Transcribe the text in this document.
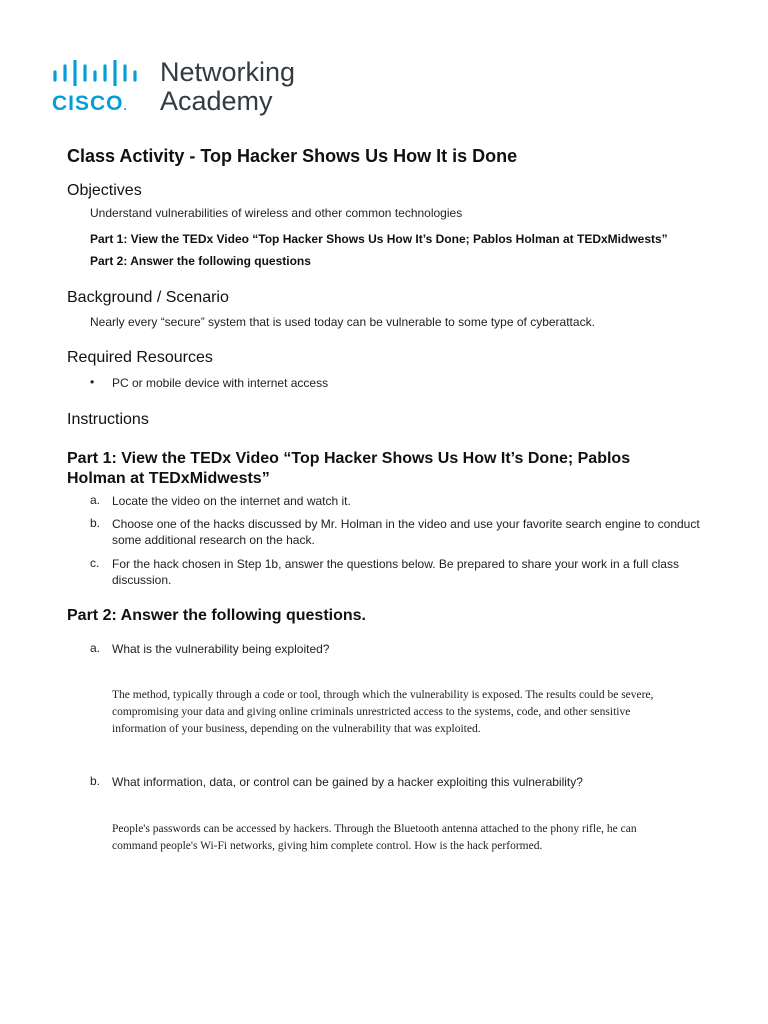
CISCO.
Networking
Academy
Class Activity - Top Hacker Shows Us How It is Done
Objectives

Understand vulnerabilities of wireless and other common technologies

Part 1: View the TEDx Video “Top Hacker Shows Us How It’s Done; Pablos Holman at TEDxMidwests”

Part 2: Answer the following questions

Background / Scenario

Nearly every “secure” system that is used today can be vulnerable to some type of cyberattack.

Required Resources
• PC or mobile device with internet access

Instructions
Part 1: View the TEDx Video “Top Hacker Shows Us How It’s Done; Pablos Holman at TEDxMidwests”
a. Locate the video on the internet and watch it.

b. Choose one of the hacks discussed by Mr. Holman in the video and use your favorite search engine to conduct some additional research on the hack.

c. For the hack chosen in Step 1b, answer the questions below. Be prepared to share your work in a full class discussion.

Part 2: Answer the following questions.
a. What is the vulnerability being exploited?

The method, typically through a code or tool, through which the vulnerability is exposed. The results could be severe, compromising your data and giving online criminals unrestricted access to the systems, code, and other sensitive information of your business, depending on the vulnerability that was exploited.

b. What information, data, or control can be gained by a hacker exploiting this vulnerability?

People's passwords can be accessed by hackers. Through the Bluetooth antenna attached to the phony rifle, he can command people's Wi-Fi networks, giving him complete control. How is the hack performed.
